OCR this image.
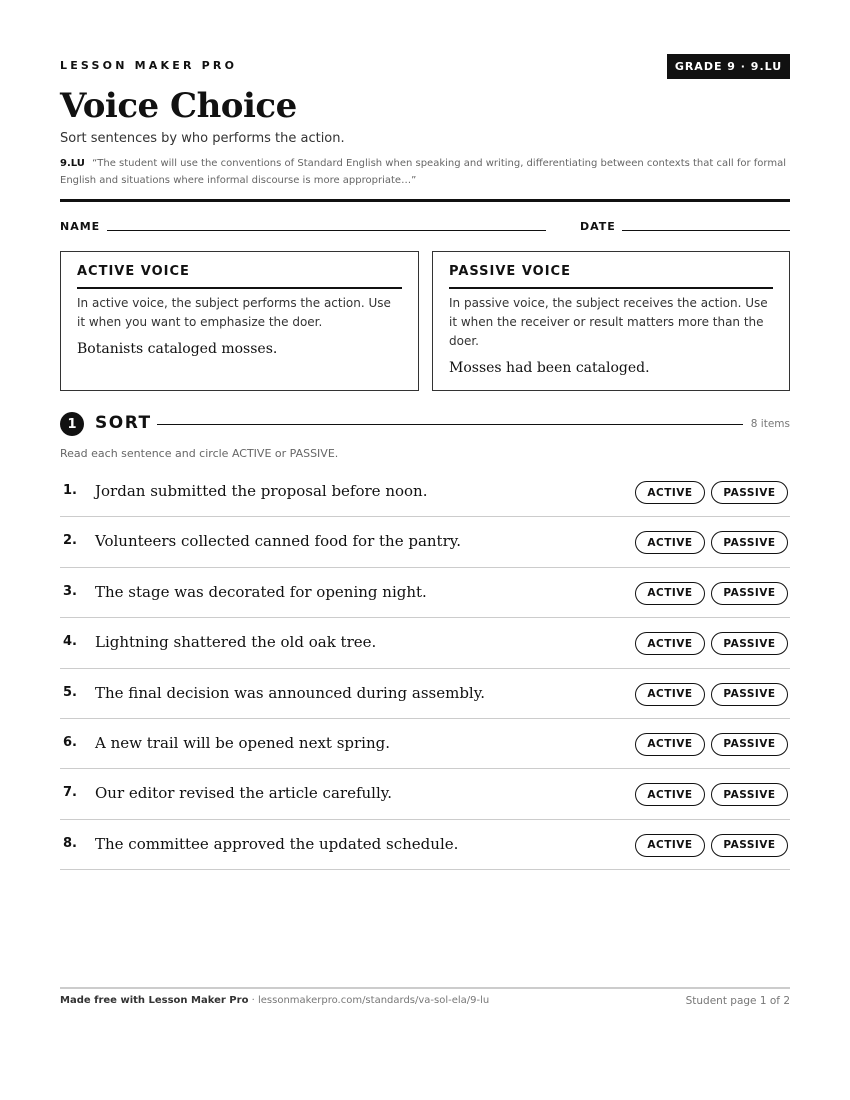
LESSON MAKER PRO	GRADE 9 · 9.LU
Voice Choice
Sort sentences by who performs the action.
9.LU “The student will use the conventions of Standard English when speaking and writing, differentiating between contexts that call for formal English and situations where informal discourse is more appropriate…”
NAME	DATE
ACTIVE VOICE
In active voice, the subject performs the action. Use it when you want to emphasize the doer.
Botanists cataloged mosses.
PASSIVE VOICE
In passive voice, the subject receives the action. Use it when the receiver or result matters more than the doer.
Mosses had been cataloged.
1	SORT	8 items
Read each sentence and circle ACTIVE or PASSIVE.
1. Jordan submitted the proposal before noon.	ACTIVE	PASSIVE
2. Volunteers collected canned food for the pantry.	ACTIVE	PASSIVE
3. The stage was decorated for opening night.	ACTIVE	PASSIVE
4. Lightning shattered the old oak tree.	ACTIVE	PASSIVE
5. The final decision was announced during assembly.	ACTIVE	PASSIVE
6. A new trail will be opened next spring.	ACTIVE	PASSIVE
7. Our editor revised the article carefully.	ACTIVE	PASSIVE
8. The committee approved the updated schedule.	ACTIVE	PASSIVE
Made free with Lesson Maker Pro · lessonmakerpro.com/standards/va-sol-ela/9-lu	Student page 1 of 2
